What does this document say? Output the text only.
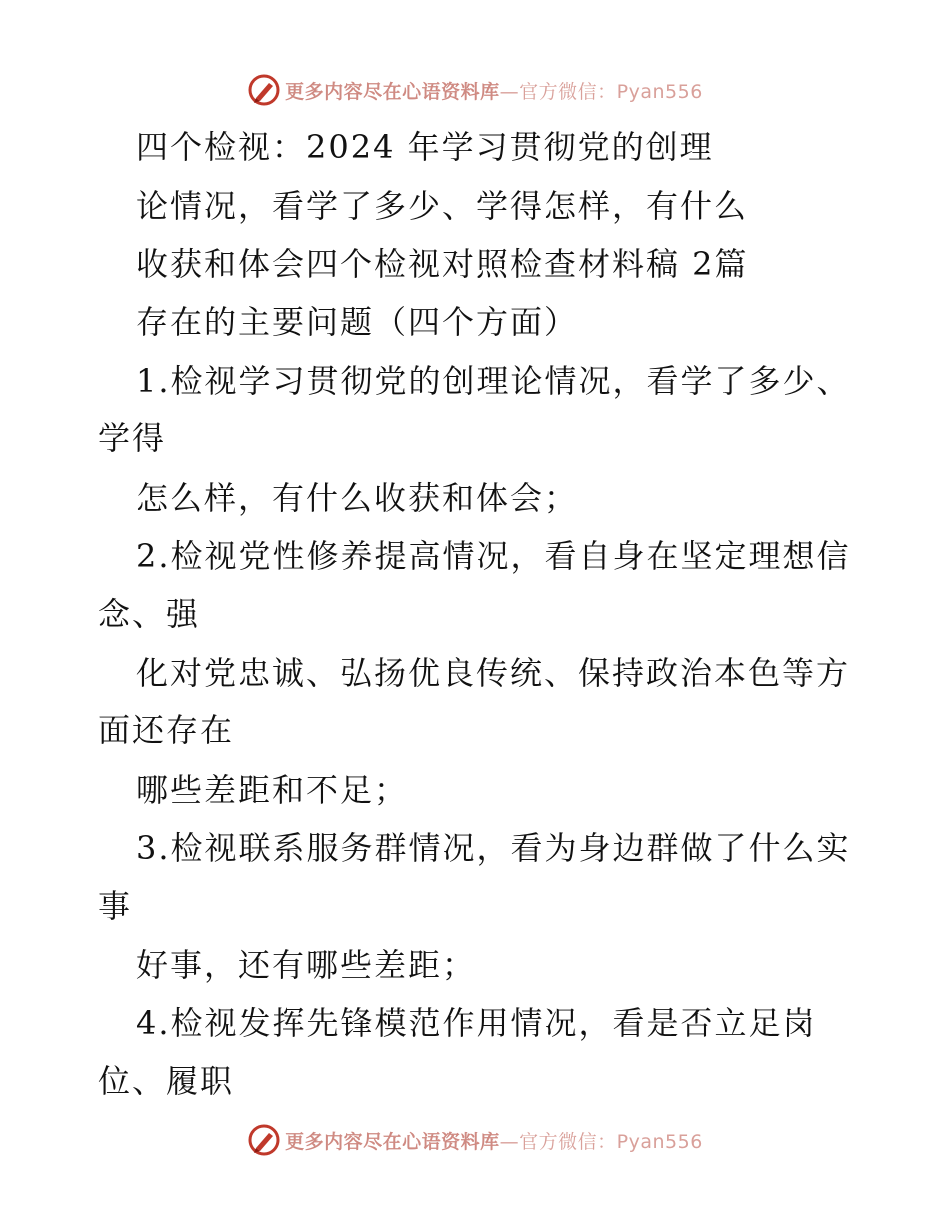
更多内容尽在心语资料库—官方微信：Pyan556
四个检视：2024 年学习贯彻党的创理
论情况，看学了多少、学得怎样，有什么
收获和体会四个检视对照检查材料稿 2篇
存在的主要问题（四个方面）
1.检视学习贯彻党的创理论情况，看学了多少、
学得
怎么样，有什么收获和体会；
2.检视党性修养提高情况，看自身在坚定理想信
念、强
化对党忠诚、弘扬优良传统、保持政治本色等方
面还存在
哪些差距和不足；
3.检视联系服务群情况，看为身边群做了什么实
事
好事，还有哪些差距；
4.检视发挥先锋模范作用情况，看是否立足岗
位、履职
更多内容尽在心语资料库—官方微信：Pyan556
